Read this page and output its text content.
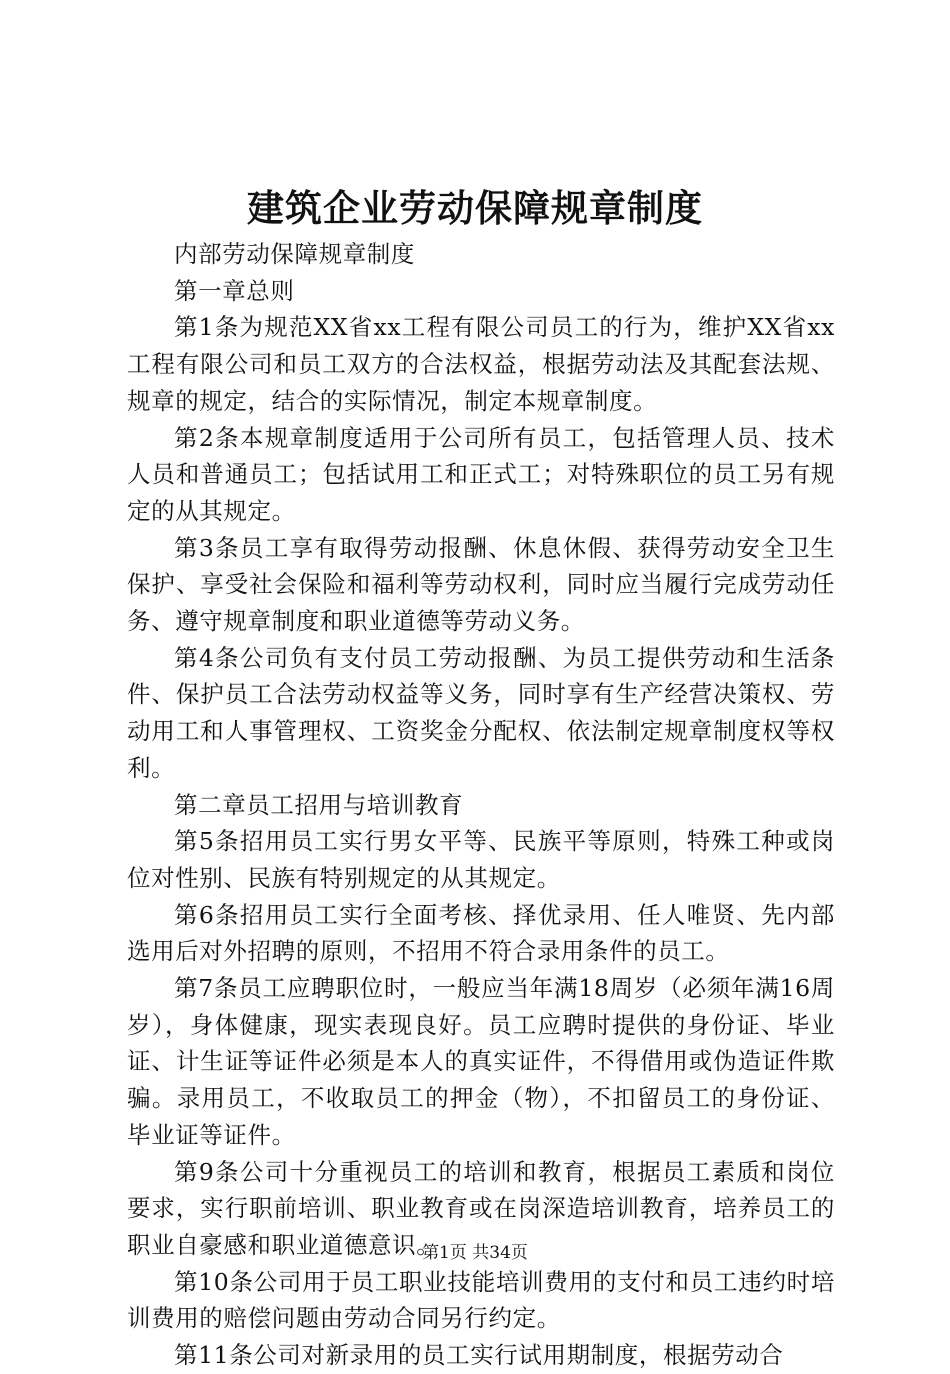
建筑企业劳动保障规章制度

内部劳动保障规章制度

第一章总则

第1条为规范XX省xx工程有限公司员工的行为，维护XX省xx工程有限公司和员工双方的合法权益，根据劳动法及其配套法规、规章的规定，结合的实际情况，制定本规章制度。

第2条本规章制度适用于公司所有员工，包括管理人员、技术人员和普通员工；包括试用工和正式工；对特殊职位的员工另有规定的从其规定。

第3条员工享有取得劳动报酬、休息休假、获得劳动安全卫生保护、享受社会保险和福利等劳动权利，同时应当履行完成劳动任务、遵守规章制度和职业道德等劳动义务。

第4条公司负有支付员工劳动报酬、为员工提供劳动和生活条件、保护员工合法劳动权益等义务，同时享有生产经营决策权、劳动用工和人事管理权、工资奖金分配权、依法制定规章制度权等权利。

第二章员工招用与培训教育

第5条招用员工实行男女平等、民族平等原则，特殊工种或岗位对性别、民族有特别规定的从其规定。

第6条招用员工实行全面考核、择优录用、任人唯贤、先内部选用后对外招聘的原则，不招用不符合录用条件的员工。

第7条员工应聘职位时，一般应当年满18周岁（必须年满16周岁），身体健康，现实表现良好。员工应聘时提供的身份证、毕业证、计生证等证件必须是本人的真实证件，不得借用或伪造证件欺骗。录用员工，不收取员工的押金（物），不扣留员工的身份证、毕业证等证件。

第9条公司十分重视员工的培训和教育，根据员工素质和岗位要求，实行职前培训、职业教育或在岗深造培训教育，培养员工的职业自豪感和职业道德意识。

第10条公司用于员工职业技能培训费用的支付和员工违约时培训费用的赔偿问题由劳动合同另行约定。

第11条公司对新录用的员工实行试用期制度，根据劳动合

第1页 共34页
